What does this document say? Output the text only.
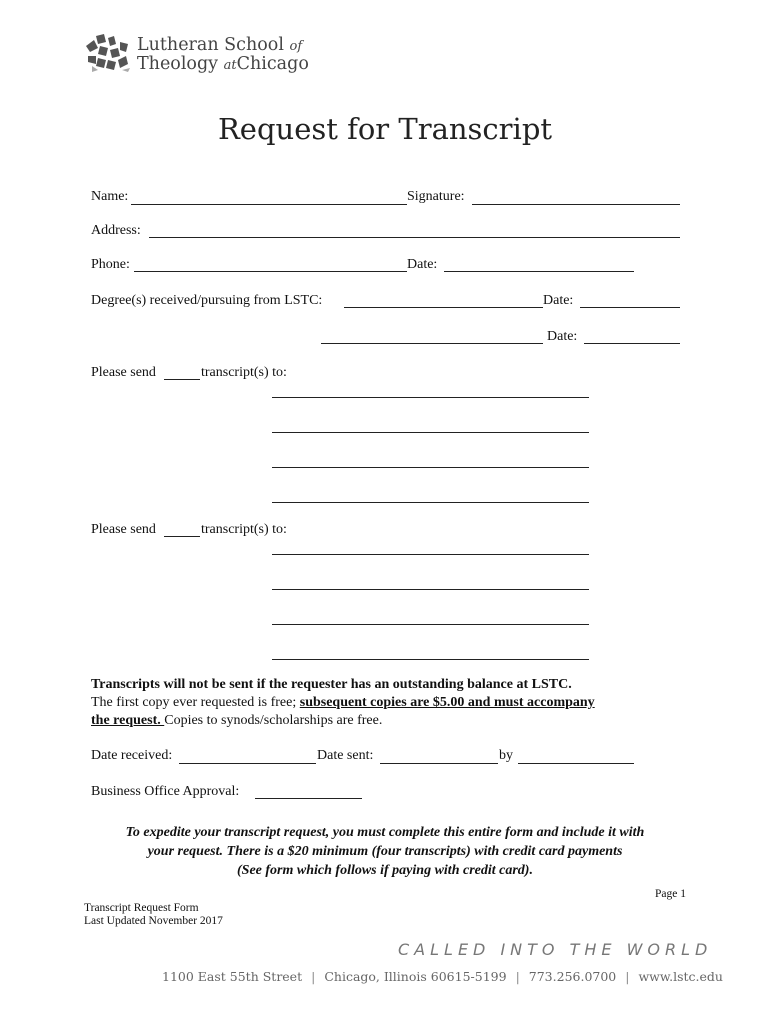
Lutheran School of
Theology atChicago
Request for Transcript
Name:	Signature:
Address:
Phone:	Date:
Degree(s) received/pursuing from LSTC:	Date:
Date:
Please send	transcript(s) to:
Please send	transcript(s) to:
Transcripts will not be sent if the requester has an outstanding balance at LSTC.
The first copy ever requested is free; subsequent copies are $5.00 and must accompany
the request. Copies to synods/scholarships are free.
Date received:	Date sent:	by
Business Office Approval:
To expedite your transcript request, you must complete this entire form and include it with
your request. There is a $20 minimum (four transcripts) with credit card payments
(See form which follows if paying with credit card).
Page 1
Transcript Request Form
Last Updated November 2017
CALLED INTO THE WORLD
1100 East 55th Street | Chicago, Illinois 60615-5199 | 773.256.0700 | www.lstc.edu
